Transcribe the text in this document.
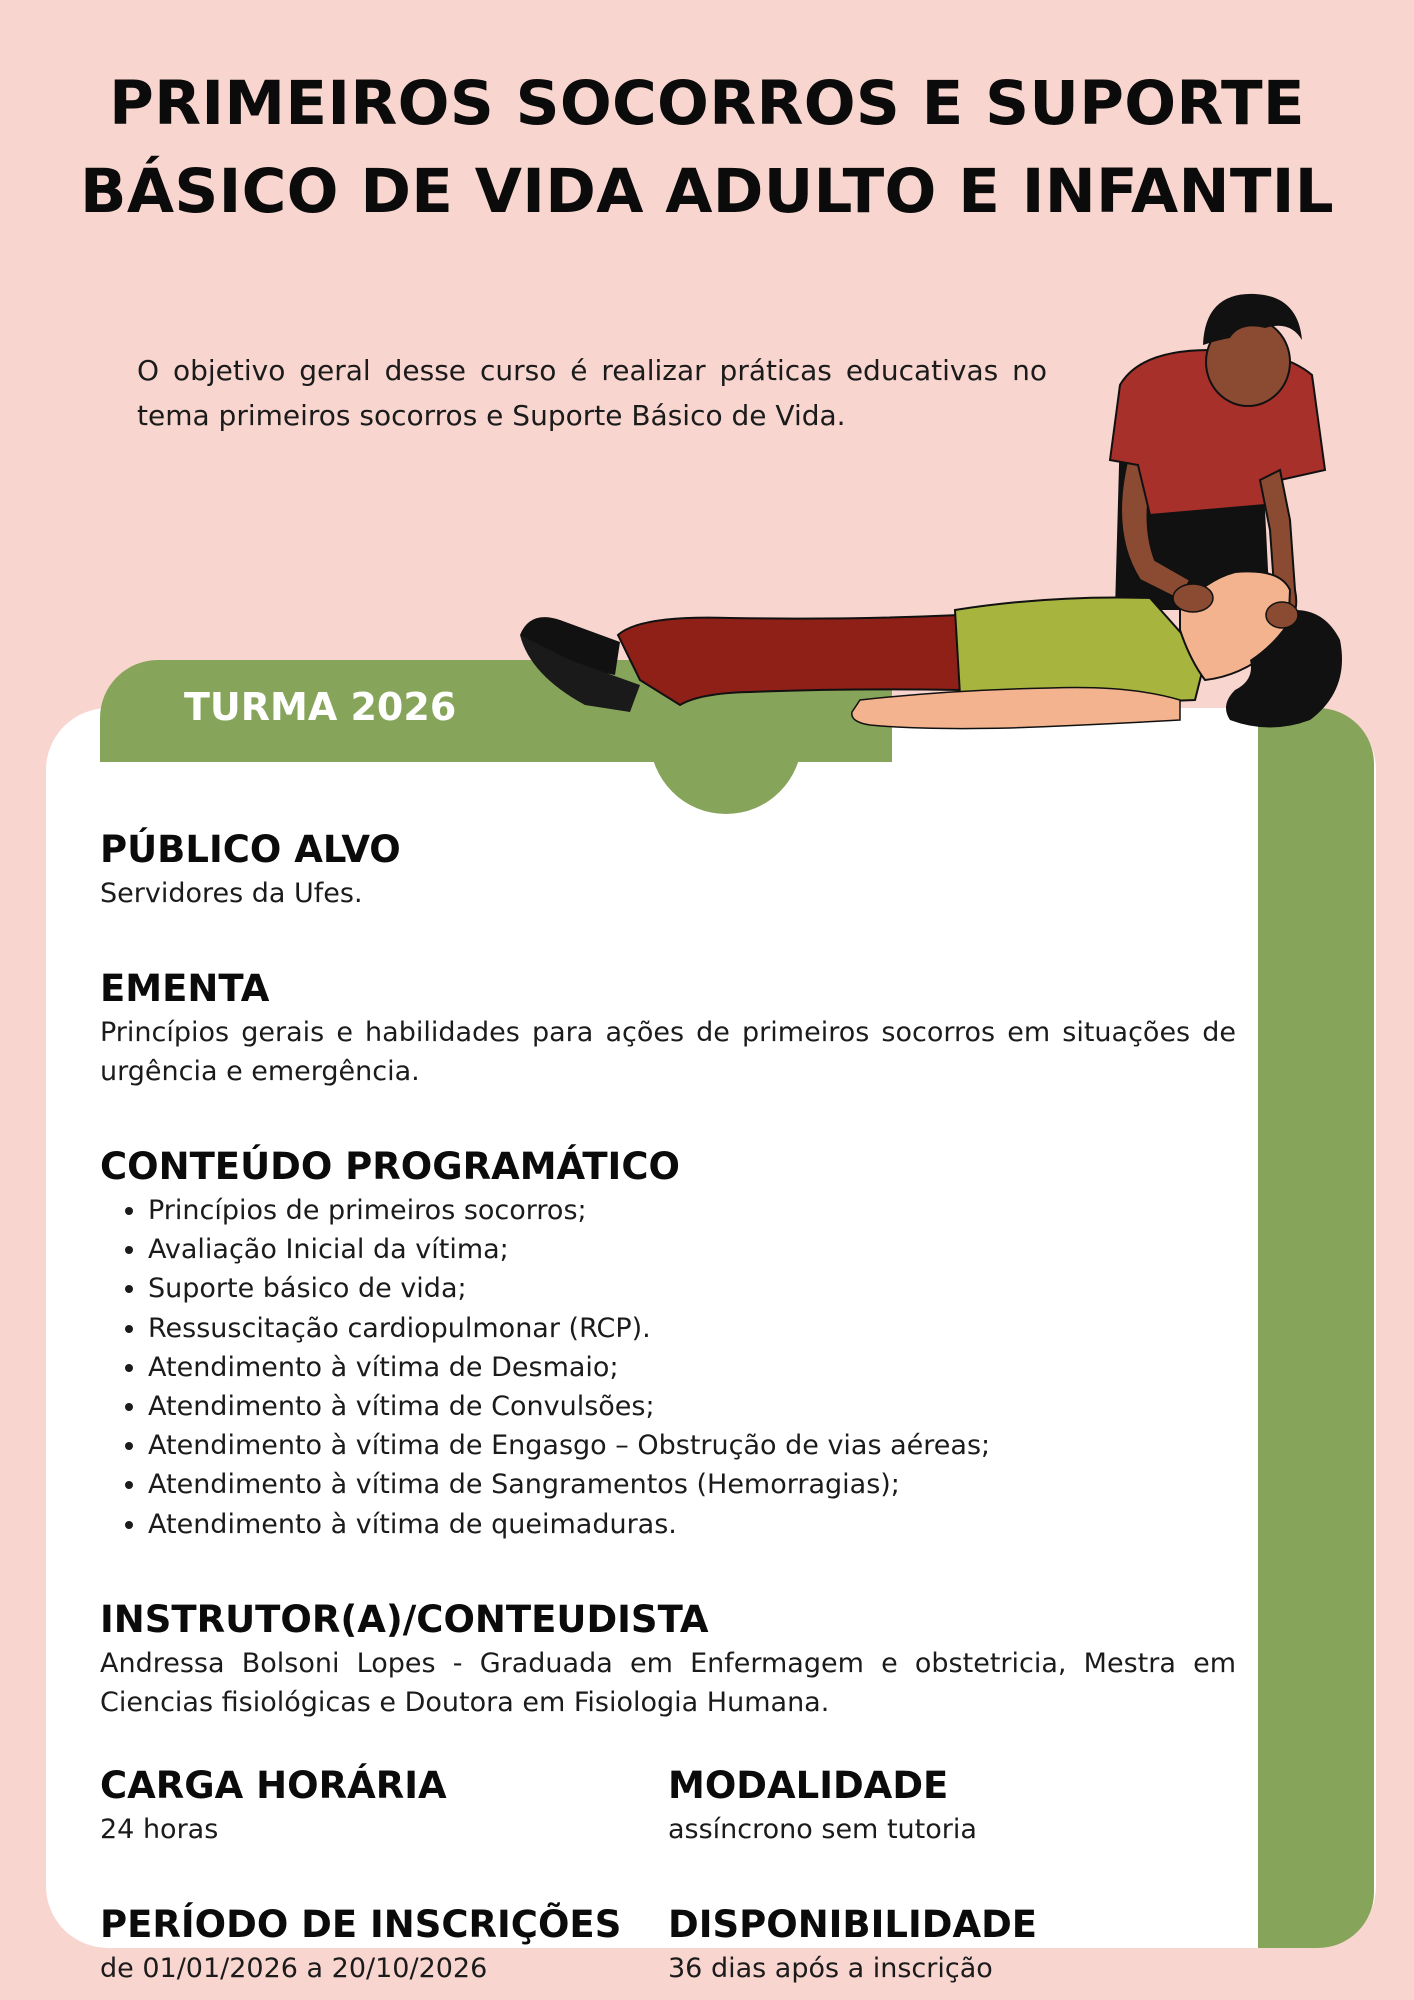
PRIMEIROS SOCORROS E SUPORTE
BÁSICO DE VIDA ADULTO E INFANTIL

O objetivo geral desse curso é realizar práticas educativas no tema primeiros socorros e Suporte Básico de Vida.

TURMA 2026

PÚBLICO ALVO

Servidores da Ufes.

EMENTA

Princípios gerais e habilidades para ações de primeiros socorros em situações de urgência e emergência.

CONTEÚDO PROGRAMÁTICO
• Princípios de primeiros socorros;
• Avaliação Inicial da vítima;
• Suporte básico de vida;
• Ressuscitação cardiopulmonar (RCP).
• Atendimento à vítima de Desmaio;
• Atendimento à vítima de Convulsões;
• Atendimento à vítima de Engasgo – Obstrução de vias aéreas;
• Atendimento à vítima de Sangramentos (Hemorragias);
• Atendimento à vítima de queimaduras.
INSTRUTOR(A)/CONTEUDISTA

Andressa Bolsoni Lopes - Graduada em Enfermagem e obstetricia, Mestra em Ciencias fisiológicas e Doutora em Fisiologia Humana.

CARGA HORÁRIA

24 horas

MODALIDADE

assíncrono sem tutoria

PERÍODO DE INSCRIÇÕES

de 01/01/2026 a 20/10/2026

DISPONIBILIDADE

36 dias após a inscrição
